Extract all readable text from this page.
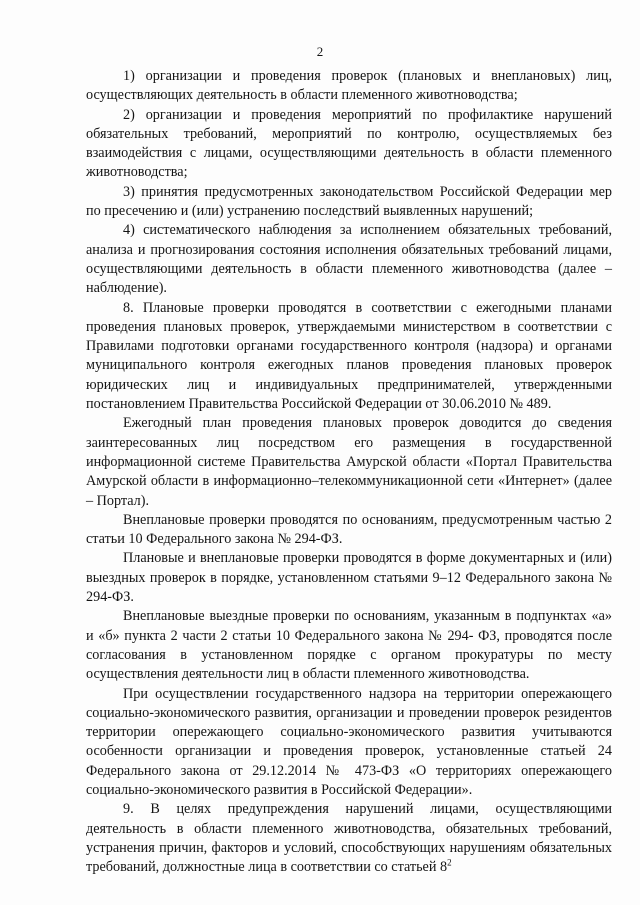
2

1) организации и проведения проверок (плановых и внеплановых) лиц, осуществляющих деятельность в области племенного животноводства;

2) организации и проведения мероприятий по профилактике нарушений обязательных требований, мероприятий по контролю, осуществляемых без взаимодействия с лицами, осуществляющими деятельность в области племенного животноводства;

3) принятия предусмотренных законодательством Российской Федерации мер по пресечению и (или) устранению последствий выявленных нарушений;

4) систематического наблюдения за исполнением обязательных требований, анализа и прогнозирования состояния исполнения обязательных требований лицами, осуществляющими деятельность в области племенного животноводства (далее – наблюдение).

8. Плановые проверки проводятся в соответствии с ежегодными планами проведения плановых проверок, утверждаемыми министерством в соответствии с Правилами подготовки органами государственного контроля (надзора) и органами муниципального контроля ежегодных планов проведения плановых проверок юридических лиц и индивидуальных предпринимателей, утвержденными постановлением Правительства Российской Федерации от 30.06.2010 № 489.

Ежегодный план проведения плановых проверок доводится до сведения заинтересованных лиц посредством его размещения в государственной информационной системе Правительства Амурской области «Портал Правительства Амурской области в информационно–телекоммуникационной сети «Интернет» (далее – Портал).

Внеплановые проверки проводятся по основаниям, предусмотренным частью 2 статьи 10 Федерального закона № 294-ФЗ.

Плановые и внеплановые проверки проводятся в форме документарных и (или) выездных проверок в порядке, установленном статьями 9–12 Федерального закона № 294-ФЗ.

Внеплановые выездные проверки по основаниям, указанным в подпунктах «а» и «б» пункта 2 части 2 статьи 10 Федерального закона № 294- ФЗ, проводятся после согласования в установленном порядке с органом прокуратуры по месту осуществления деятельности лиц в области племенного животноводства.

При осуществлении государственного надзора на территории опережающего социально-экономического развития, организации и проведении проверок резидентов территории опережающего социально-экономического развития учитываются особенности организации и проведения проверок, установленные статьей 24 Федерального закона от 29.12.2014 № 473-ФЗ «О территориях опережающего социально-экономического развития в Российской Федерации».

9. В целях предупреждения нарушений лицами, осуществляющими деятельность в области племенного животноводства, обязательных требований, устранения причин, факторов и условий, способствующих нарушениям обязательных требований, должностные лица в соответствии со статьей $8^2$
